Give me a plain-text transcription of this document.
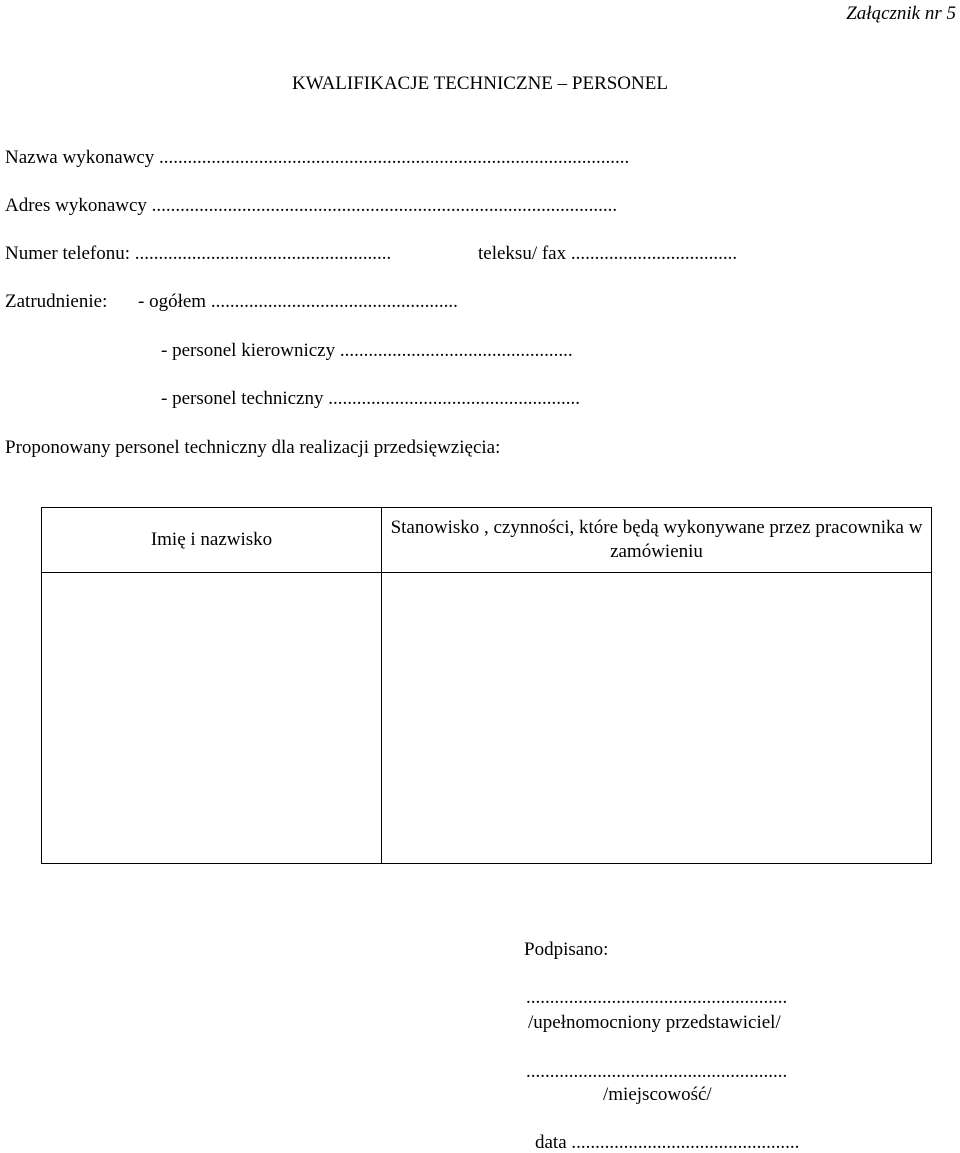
Załącznik nr 5
KWALIFIKACJE TECHNICZNE – PERSONEL
Nazwa wykonawcy ...................................................................................................
Adres wykonawcy ..................................................................................................
Numer telefonu: ......................................................	teleksu/ fax ...................................
Zatrudnienie: - ogółem ....................................................
- personel kierowniczy .................................................
- personel techniczny .....................................................
Proponowany personel techniczny dla realizacji przedsięwzięcia:
Imię i nazwisko	Stanowisko , czynności, które będą wykonywane przez pracownika w zamówieniu

Podpisano:
.......................................................
/upełnomocniony przedstawiciel/
.......................................................
/miejscowość/
data ................................................
